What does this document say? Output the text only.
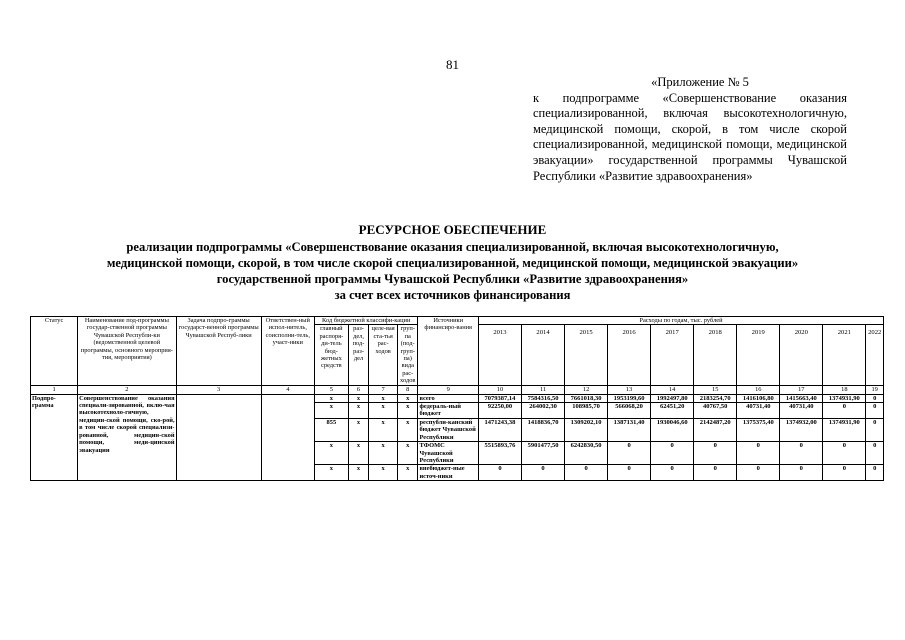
81
«Приложение № 5
к подпрограмме «Совершенствование оказания специализированной, включая высокотехнологичную, медицинской помощи, скорой, в том числе скорой специализированной, медицинской помощи, медицинской эвакуации» государственной программы Чувашской Республики «Развитие здравоохранения»
РЕСУРСНОЕ ОБЕСПЕЧЕНИЕ
реализации подпрограммы «Совершенствование оказания специализированной, включая высокотехнологичную,
медицинской помощи, скорой, в том числе скорой специализированной, медицинской помощи, медицинской эвакуации»
государственной программы Чувашской Республики «Развитие здравоохранения»
за счет всех источников финансирования
Статус	Наименование под-программы государ-ственной программы Чувашской Республи-ки (ведомственной целевой программы, основного мероприя-тия, мероприятия)	Задача подпро-граммы государст-венной программы Чувашской Респуб-лики	Ответствен-ный испол-нитель, соисполни-тель, участ-ники	Код бюджетной классифи-кации				Источники финансиро-вания	Расходы по годам, тыс. рублей									
				главный распоря-ди-тель бюд-жетных средств	раз-дел, под-раз-дел	целе-вая ста-тья рас-ходов	груп-па (под-груп-па) вида рас-ходов		2013	2014	2015	2016	2017	2018	2019	2020	2021	2022

1	2	3	4	5	6	7	8	9	10	11	12	13	14	15	16	17	18	19
Подпро-грамма	Совершенствование оказания специали-зированной, вклю-чая высокотехноло-гичную, медицин-ской помощи, ско-рой, в том числе скорой специализи-рованной, медицин-ской помощи, меди-цинской эвакуации			x	x	x	x	всего	7079387,14	7584316,50	7661018,30	1953199,60	1992497,80	2183254,70	1416106,80	1415663,40	1374931,90	0
				x	x	x	x	федераль-ный бюджет	92250,00	264002,30	108985,70	566068,20	62451,20	40767,50	40731,40	40731,40	0	0
				855	x	x	x	республи-канский бюджет Чувашской Республики	1471243,38	1418836,70	1309202,10	1387131,40	1930046,60	2142487,20	1375375,40	1374932,00	1374931,90	0
				x	x	x	x	ТФОМС Чувашской Республики	5515893,76	5901477,50	6242830,50	0	0	0	0	0	0	0
				x	x	x	x	внебюджет-ные источ-ники	0	0	0	0	0	0	0	0	0	0
